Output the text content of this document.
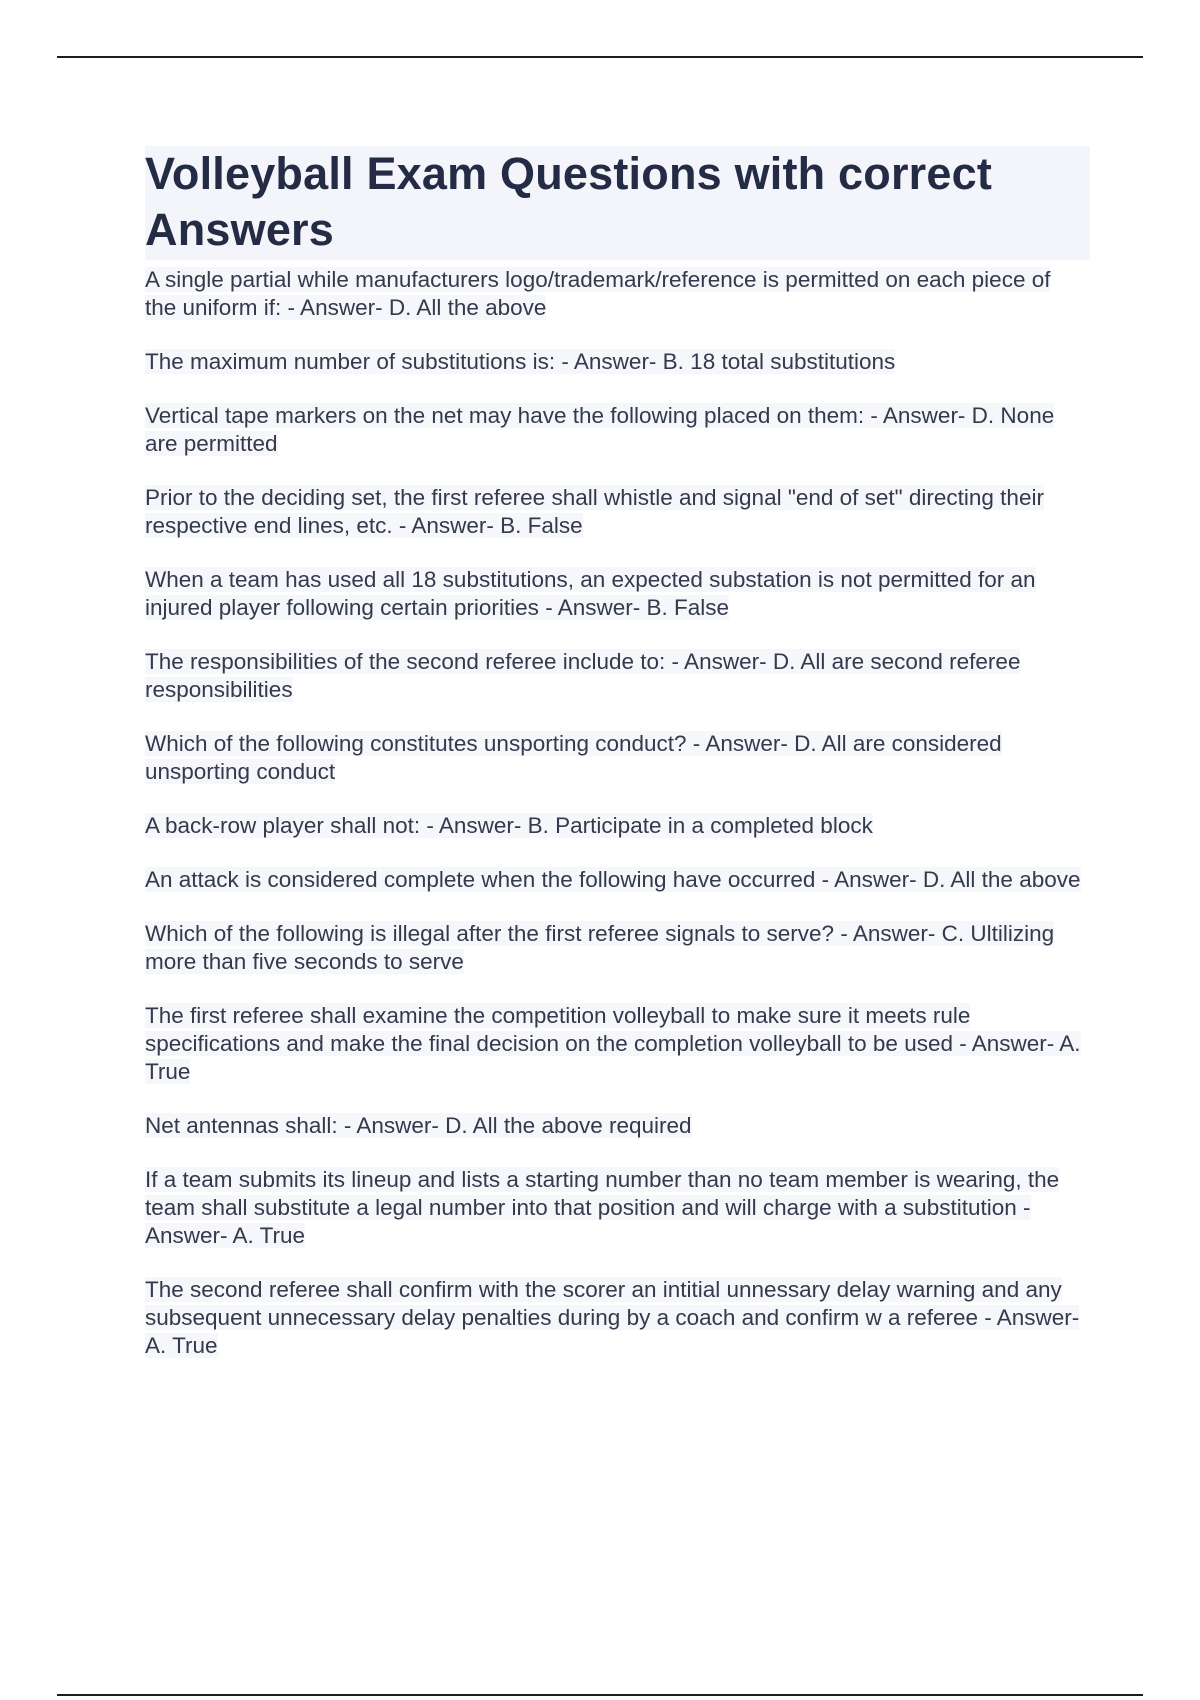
Volleyball Exam Questions with correct Answers
A single partial while manufacturers logo/trademark/reference is permitted on each piece of the uniform if: - Answer- D. All the above
The maximum number of substitutions is: - Answer- B. 18 total substitutions
Vertical tape markers on the net may have the following placed on them: - Answer- D. None are permitted
Prior to the deciding set, the first referee shall whistle and signal "end of set" directing their respective end lines, etc. - Answer- B. False
When a team has used all 18 substitutions, an expected substation is not permitted for an injured player following certain priorities - Answer- B. False
The responsibilities of the second referee include to: - Answer- D. All are second referee responsibilities
Which of the following constitutes unsporting conduct? - Answer- D. All are considered unsporting conduct
A back-row player shall not: - Answer- B. Participate in a completed block
An attack is considered complete when the following have occurred - Answer- D. All the above
Which of the following is illegal after the first referee signals to serve? - Answer- C. Ultilizing more than five seconds to serve
The first referee shall examine the competition volleyball to make sure it meets rule specifications and make the final decision on the completion volleyball to be used - Answer- A. True
Net antennas shall: - Answer- D. All the above required
If a team submits its lineup and lists a starting number than no team member is wearing, the team shall substitute a legal number into that position and will charge with a substitution - Answer- A. True
The second referee shall confirm with the scorer an intitial unnessary delay warning and any subsequent unnecessary delay penalties during by a coach and confirm w a referee - Answer- A. True
